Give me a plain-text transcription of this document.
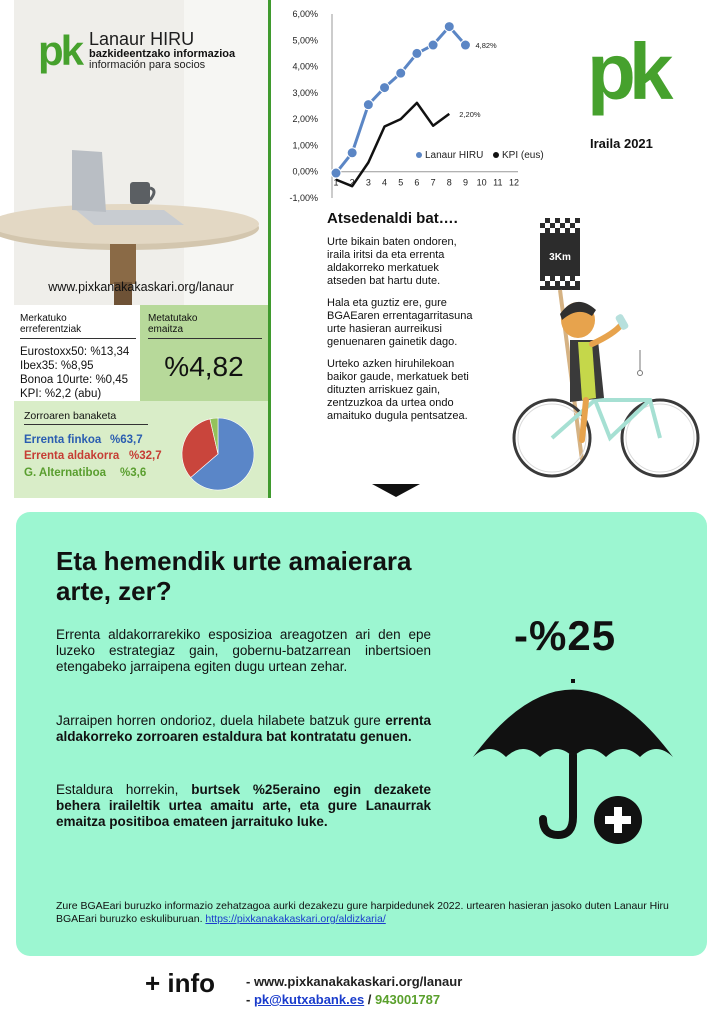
pk Lanaur HIRU
bazkideentzako informazioa
información para socios
www.pixkanakakaskari.org/lanaur
Merkatuko
erreferentziak
Eurostoxx50: %13,34
Ibex35: %8,95
Bonoa 10urte: %0,45
KPI: %2,2 (abu)
Metatutako
emaitza
%4,82
Zorroaren banaketa
Errenta finkoa %63,7
Errenta aldakorra %32,7
G. Alternatiboa %3,6
6,00%
5,00%
4,00%
3,00%
2,00%
1,00%
0,00%
-1,00%
1 2 3 4 5 6 7 8 9 10 11 12
4,82%
2,20%
Lanaur HIRU KPI (eus)
pk
Iraila 2021
Atsedenaldi bat….

Urte bikain baten ondoren, iraila iritsi da eta errenta aldakorreko merkatuek atseden bat hartu dute.

Hala eta guztiz ere, gure BGAEaren errentagarritasuna urte hasieran aurreikusi genuenaren gainetik dago.

Urteko azken hiruhilekoan baikor gaude, merkatuek beti dituzten arriskuez gain, zentzuzkoa da urtea ondo amaituko dugula pentsatzea.

3Km
Eta hemendik urte amaierara arte, zer?

Errenta aldakorrarekiko esposizioa areagotzen ari den epe luzeko estrategiaz gain, gobernu-batzarrean inbertsioen etengabeko jarraipena egiten dugu urtean zehar.

Jarraipen horren ondorioz, duela hilabete batzuk gure errenta aldakorreko zorroaren estaldura bat kontratatu genuen.

Estaldura horrekin, burtsek %25eraino egin dezakete behera iraileltik urtea amaitu arte, eta gure Lanaurrak emaitza positiboa emateen jarraituko luke.

-%25

Zure BGAEari buruzko informazio zehatzagoa aurki dezakezu gure harpidedunek 2022. urtearen hasieran jasoko duten Lanaur Hiru BGAEari buruzko eskuliburuan. https://pixkanakakaskari.org/aldizkaria/

+ info - www.pixkanakakaskari.org/lanaur
- pk@kutxabank.es / 943001787
